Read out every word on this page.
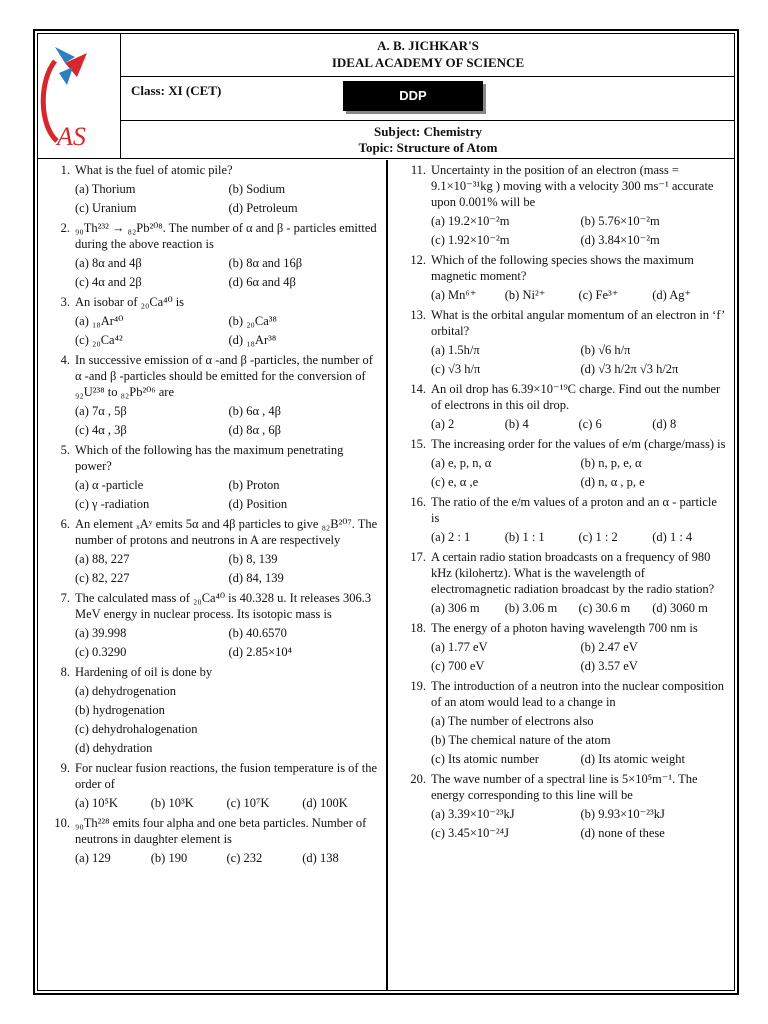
AS
A. B. JICHKAR'S
IDEAL ACADEMY OF SCIENCE
Class: XI (CET)	DDP
Subject: Chemistry
Topic: Structure of Atom
1. What is the fuel of atomic pile?
(a) Thorium	(b) Sodium
(c) Uranium	(d) Petroleum
2. ₉₀Th²³² → ₈₂Pb²⁰⁸. The number of α and β - particles emitted during the above reaction is
(a) 8α and 4β	(b) 8α and 16β
(c) 4α and 2β	(d) 6α and 4β
3. An isobar of ₂₀Ca⁴⁰ is
(a) ₁₈Ar⁴⁰	(b) ₂₀Ca³⁸
(c) ₂₀Ca⁴²	(d) ₁₈Ar³⁸
4. In successive emission of α -and β -particles, the number of α -and β -particles should be emitted for the conversion of ₉₂U²³⁸ to ₈₂Pb²⁰⁶ are
(a) 7α , 5β	(b) 6α , 4β
(c) 4α , 3β	(d) 8α , 6β
5. Which of the following has the maximum penetrating power?
(a) α -particle	(b) Proton
(c) γ -radiation	(d) Position
6. An element ₓAʸ emits 5α and 4β particles to give ₈₂B²⁰⁷. The number of protons and neutrons in A are respectively
(a) 88, 227	(b) 8, 139
(c) 82, 227	(d) 84, 139
7. The calculated mass of ₂₀Ca⁴⁰ is 40.328 u. It releases 306.3 MeV energy in nuclear process. Its isotopic mass is
(a) 39.998	(b) 40.6570
(c) 0.3290	(d) 2.85×10⁴
8. Hardening of oil is done by
(a) dehydrogenation
(b) hydrogenation
(c) dehydrohalogenation
(d) dehydration
9. For nuclear fusion reactions, the fusion temperature is of the order of
(a) 10⁵K	(b) 10³K	(c) 10⁷K	(d) 100K
10. ₉₀Th²²⁸ emits four alpha and one beta particles. Number of neutrons in daughter element is
(a) 129	(b) 190	(c) 232	(d) 138
11. Uncertainty in the position of an electron (mass = 9.1×10⁻³¹kg ) moving with a velocity 300 ms⁻¹ accurate upon 0.001% will be
(a) 19.2×10⁻²m	(b) 5.76×10⁻²m
(c) 1.92×10⁻²m	(d) 3.84×10⁻²m
12. Which of the following species shows the maximum magnetic moment?
(a) Mn⁶⁺	(b) Ni²⁺	(c) Fe³⁺	(d) Ag⁺
13. What is the orbital angular momentum of an electron in ‘f’ orbital?
(a) 1.5h/π	(b) √6 h/π
(c) √3 h/π	(d) √3 h/2π √3 h/2π
14. An oil drop has 6.39×10⁻¹⁹C charge. Find out the number of electrons in this oil drop.
(a) 2	(b) 4	(c) 6	(d) 8
15. The increasing order for the values of e/m (charge/mass) is
(a) e, p, n, α	(b) n, p, e, α
(c) e, α ,e	(d) n, α , p, e
16. The ratio of the e/m values of a proton and an α - particle is
(a) 2 : 1	(b) 1 : 1	(c) 1 : 2	(d) 1 : 4
17. A certain radio station broadcasts on a frequency of 980 kHz (kilohertz). What is the wavelength of electromagnetic radiation broadcast by the radio station?
(a) 306 m	(b) 3.06 m	(c) 30.6 m	(d) 3060 m
18. The energy of a photon having wavelength 700 nm is
(a) 1.77 eV	(b) 2.47 eV
(c) 700 eV	(d) 3.57 eV
19. The introduction of a neutron into the nuclear composition of an atom would lead to a change in
(a) The number of electrons also
(b) The chemical nature of the atom
(c) Its atomic number	(d) Its atomic weight
20. The wave number of a spectral line is 5×10⁵m⁻¹. The energy corresponding to this line will be
(a) 3.39×10⁻²³kJ	(b) 9.93×10⁻²³kJ
(c) 3.45×10⁻²⁴J	(d) none of these
